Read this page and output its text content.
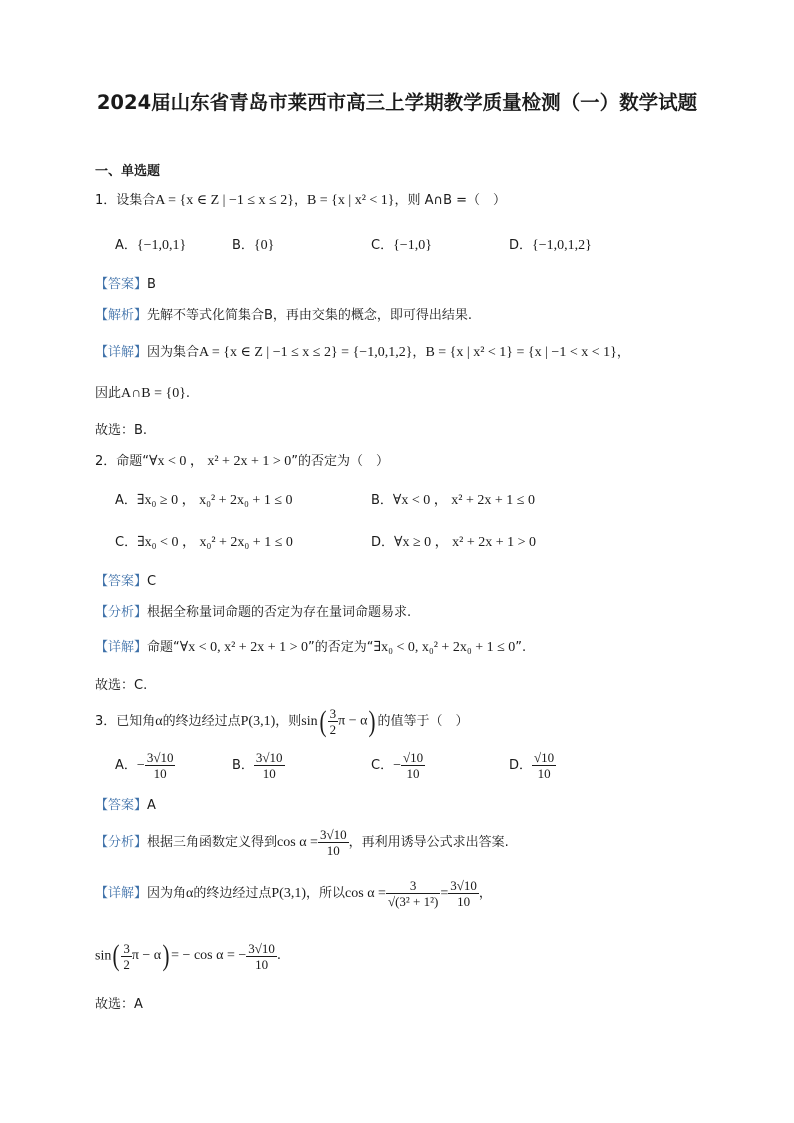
2024届山东省青岛市莱西市高三上学期教学质量检测（一）数学试题
一、单选题
1．设集合A = {x ∈ Z | −1 ≤ x ≤ 2}，B = {x | x² < 1}，则 A∩B =（　）
A．{−1,0,1}	B．{0}	C．{−1,0}	D．{−1,0,1,2}
【答案】B
【解析】先解不等式化简集合B，再由交集的概念，即可得出结果.
【详解】因为集合A = {x ∈ Z | −1 ≤ x ≤ 2} = {−1,0,1,2}，B = {x | x² < 1} = {x | −1 < x < 1}，
因此A∩B = {0}.
故选：B.
2．命题“∀x < 0 ， x² + 2x + 1 > 0”的否定为（　）
A．∃x₀ ≥ 0 ， x₀² + 2x₀ + 1 ≤ 0	B．∀x < 0 ， x² + 2x + 1 ≤ 0
C．∃x₀ < 0 ， x₀² + 2x₀ + 1 ≤ 0	D．∀x ≥ 0 ， x² + 2x + 1 > 0
【答案】C
【分析】根据全称量词命题的否定为存在量词命题易求.
【详解】命题“∀x < 0, x² + 2x + 1 > 0”的否定为“∃x₀ < 0, x₀² + 2x₀ + 1 ≤ 0”.
故选：C.
3．已知角α的终边经过点P(3,1)，则$\sin( \frac{3}{2}$ π − α) 的值等于（　）
A．− $\frac{3√10}{10}$	B． $\frac{3√10}{10}$	C．− $\frac{√10}{10}$	D． $\frac{√10}{10}$
【答案】A
【分析】根据三角函数定义得到$\cos \alpha = \frac{3√10}{10}$ ，再利用诱导公式求出答案.
【详解】因为角α的终边经过点P(3,1)，所以$\cos \alpha = \frac{3}{\text{√(3² + 1²)}} = \frac{3√10}{10}$ ，
$\sin( \frac{3}{2}$ π − α) = − cos α = − $\frac{3√10}{10}$ .
故选：A
